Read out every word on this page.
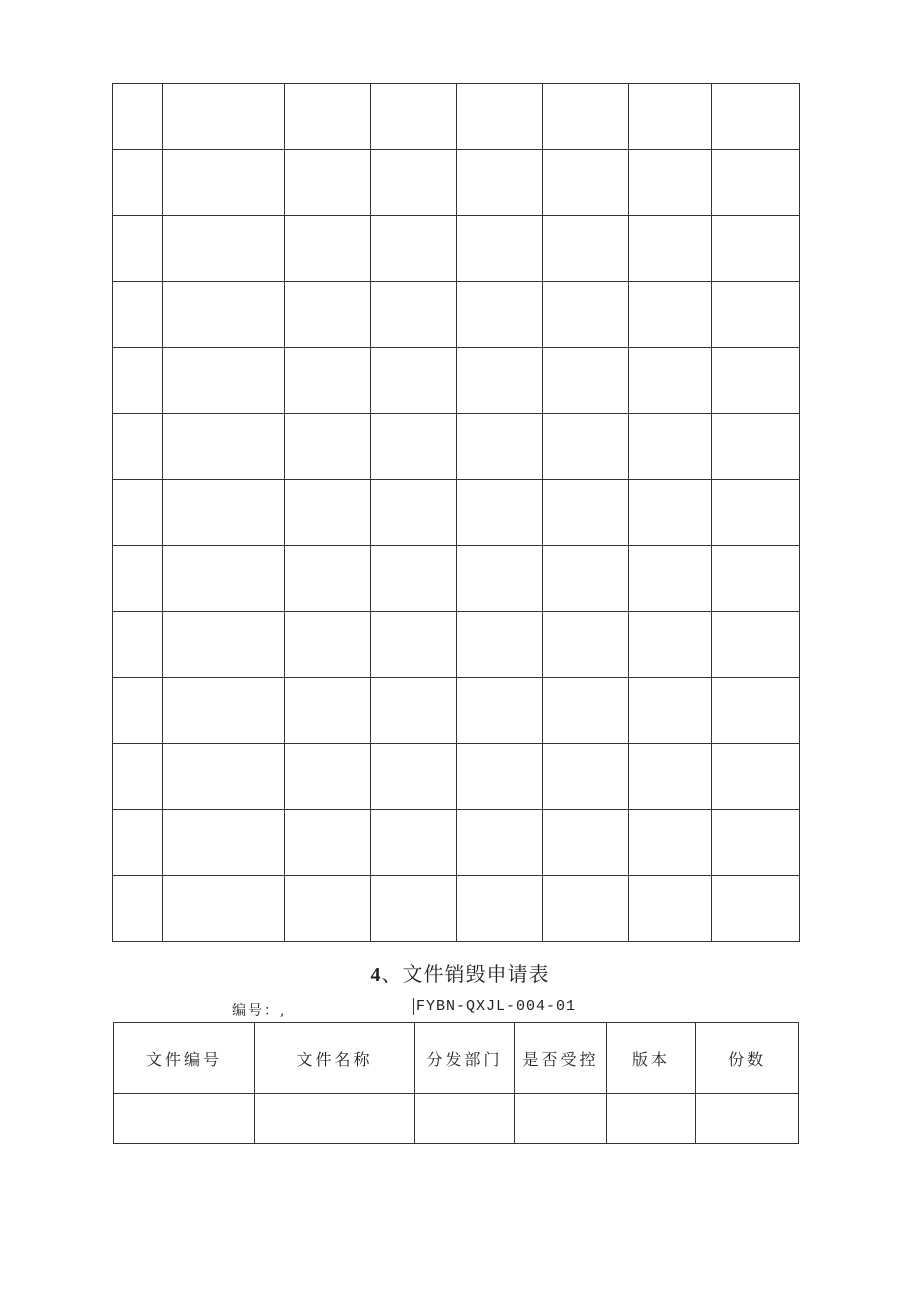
4、文件销毁申请表
编号：,	FYBN-QXJL-004-01
文件编号	文件名称	分发部门	是否受控	版本	份数
